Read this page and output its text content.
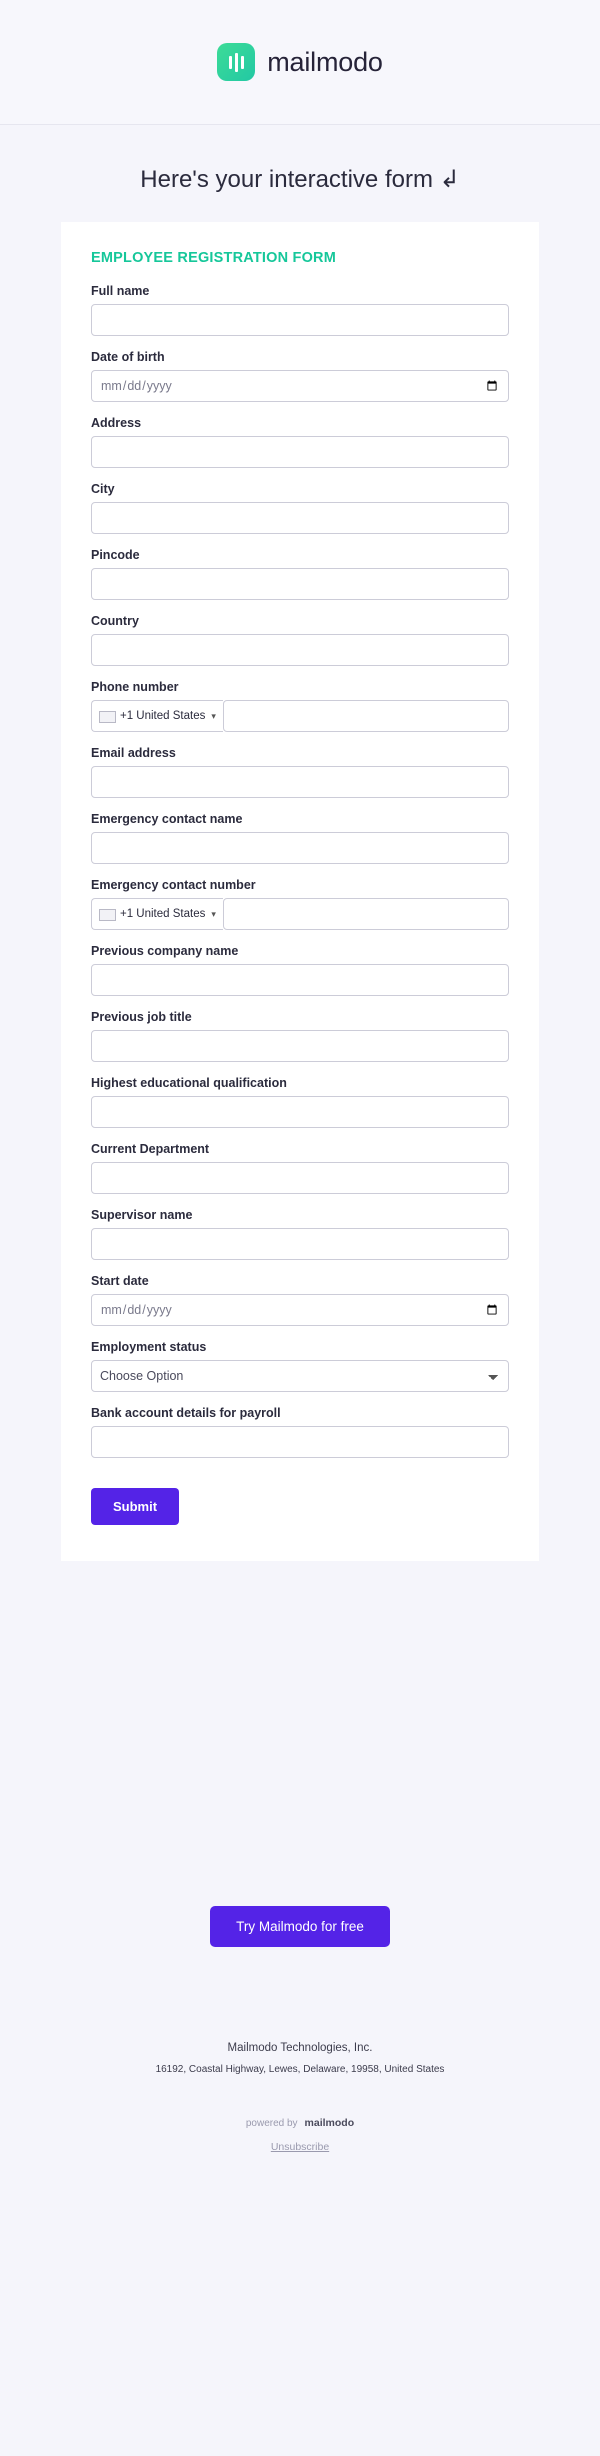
mailmodo
Here's your interactive form ↲
EMPLOYEE REGISTRATION FORM
Full name
Date of birth
Address
City
Pincode
Country
Phone number
+1 United States ▾
Email address
Emergency contact name
Emergency contact number
+1 United States ▾
Previous company name
Previous job title
Highest educational qualification
Current Department
Supervisor name
Start date
Employment status
Choose Option
Bank account details for payroll
Submit
Try Mailmodo for free
Mailmodo Technologies, Inc.
16192, Coastal Highway, Lewes, Delaware, 19958, United States
powered by mailmodo
Unsubscribe
